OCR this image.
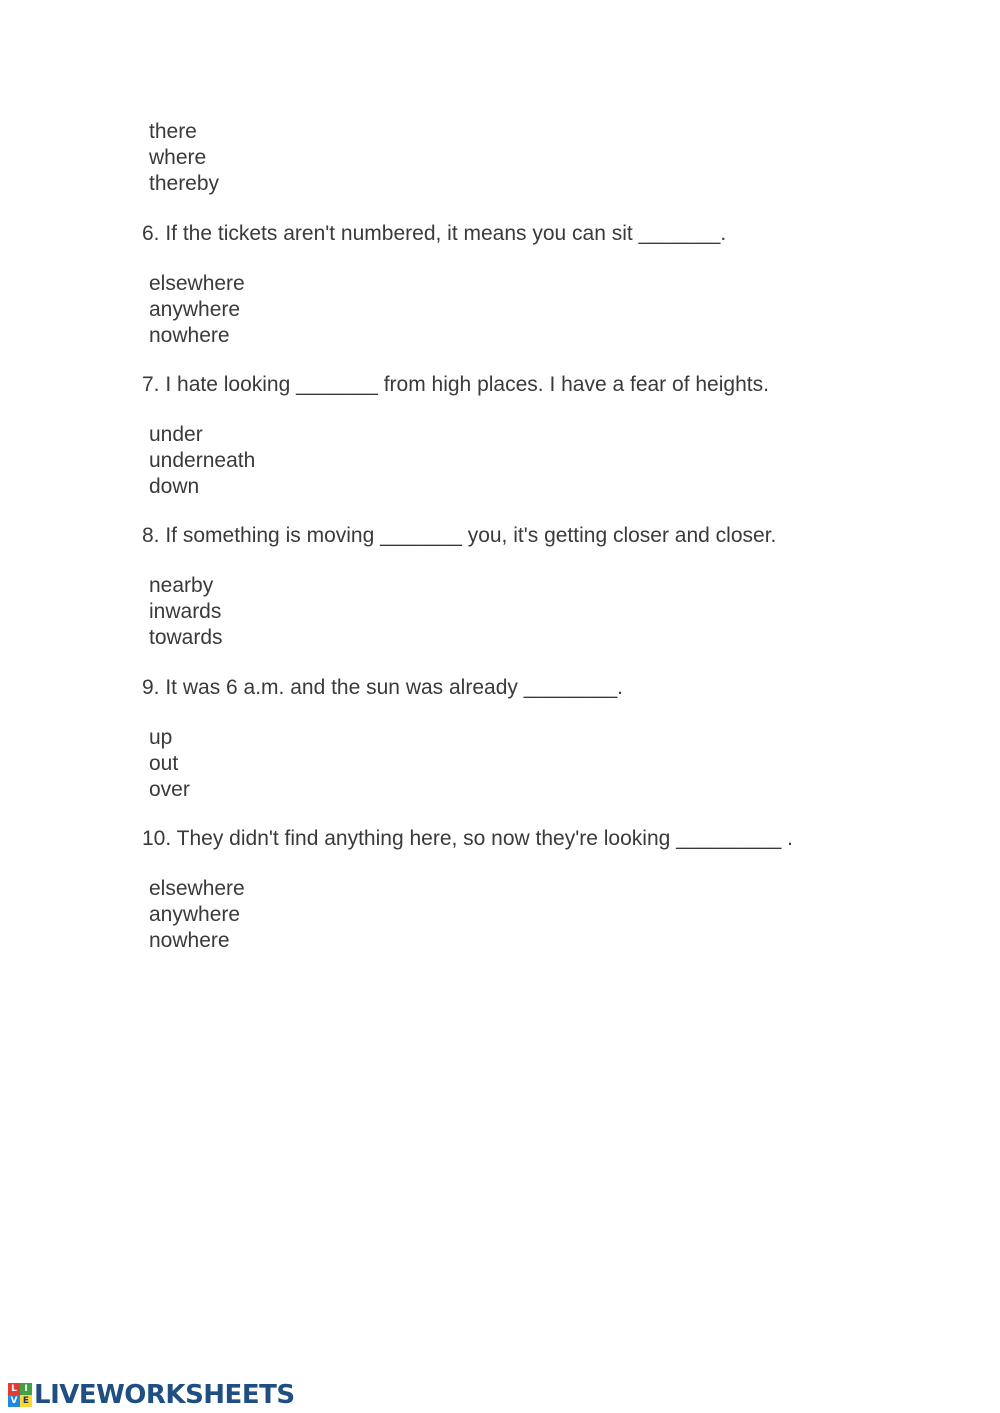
there
where
thereby

6. If the tickets aren't numbered, it means you can sit _______.

elsewhere
anywhere
nowhere

7. I hate looking _______ from high places. I have a fear of heights.

under
underneath
down

8. If something is moving _______ you, it's getting closer and closer.

nearby
inwards
towards

9. It was 6 a.m. and the sun was already ________.

up
out
over

10. They didn't find anything here, so now they're looking _________ .

elsewhere
anywhere
nowhere
L I
V E LIVEWORKSHEETS
